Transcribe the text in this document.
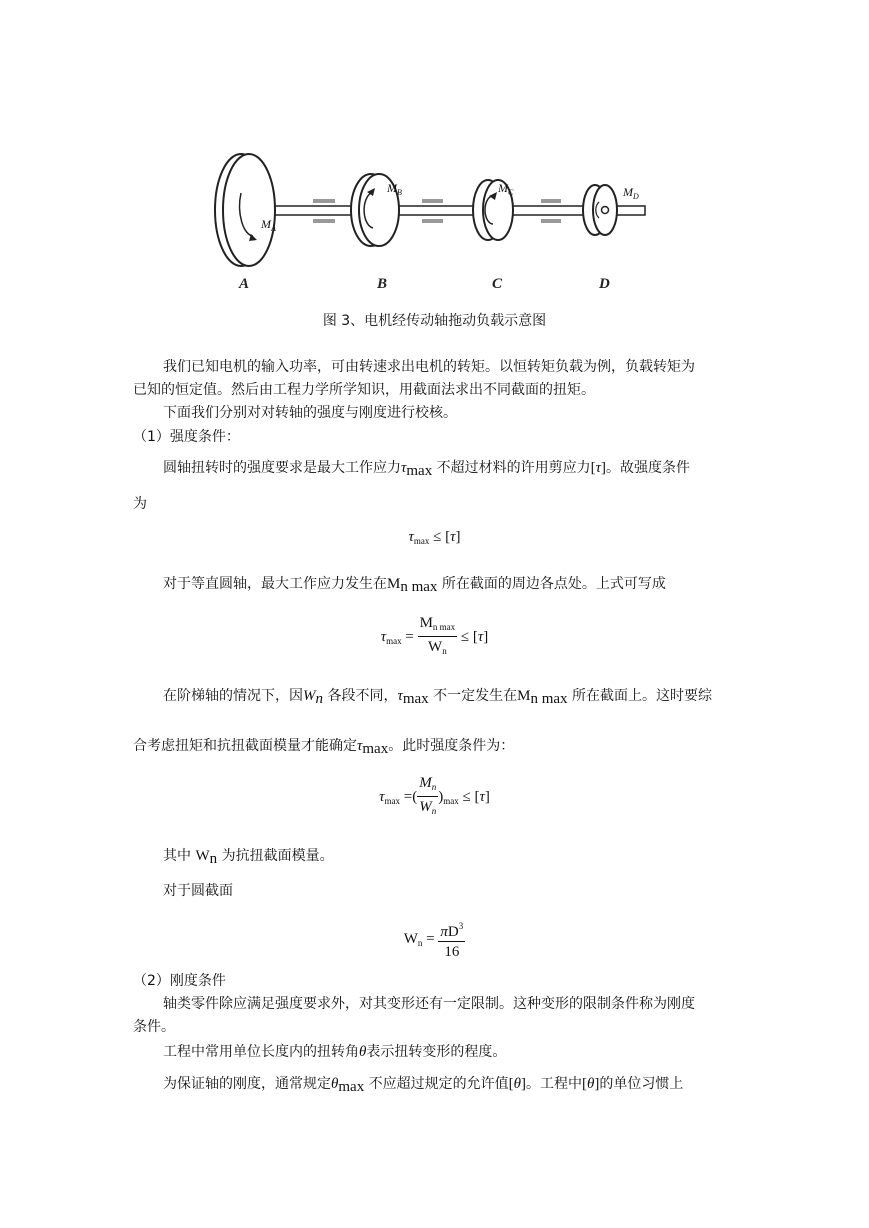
$M_A$
$M_B$	$M_C$	$M_D$
A	B	C	D
图 3、电机经传动轴拖动负载示意图
我们已知电机的输入功率，可由转速求出电机的转矩。以恒转矩负载为例，负载转矩为
已知的恒定值。然后由工程力学所学知识，用截面法求出不同截面的扭矩。
下面我们分别对对转轴的强度与刚度进行校核。
（1）强度条件：
圆轴扭转时的强度要求是最大工作应力τmax 不超过材料的许用剪应力[τ]。故强度条件
为
$\tau_{max} \le [\tau]$
对于等直圆轴，最大工作应力发生在Mn max 所在截面的周边各点处。上式可写成
$\tau_{max} = \frac{M_{n max}}{W_n} \le [\tau]$
在阶梯轴的情况下，因Wn 各段不同，τmax 不一定发生在Mn max 所在截面上。这时要综
合考虑扭矩和抗扭截面模量才能确定τmax。此时强度条件为：
$\tau_{max}$ =( $\frac{M_n}{W_n} )_{max} \le [\tau]$
其中 Wn 为抗扭截面模量。
对于圆截面
$W_n = \frac{\pi D^3}{16}$
（2）刚度条件
轴类零件除应满足强度要求外，对其变形还有一定限制。这种变形的限制条件称为刚度
条件。
工程中常用单位长度内的扭转角θ表示扭转变形的程度。
为保证轴的刚度，通常规定θmax 不应超过规定的允许值[θ]。工程中[θ]的单位习惯上
